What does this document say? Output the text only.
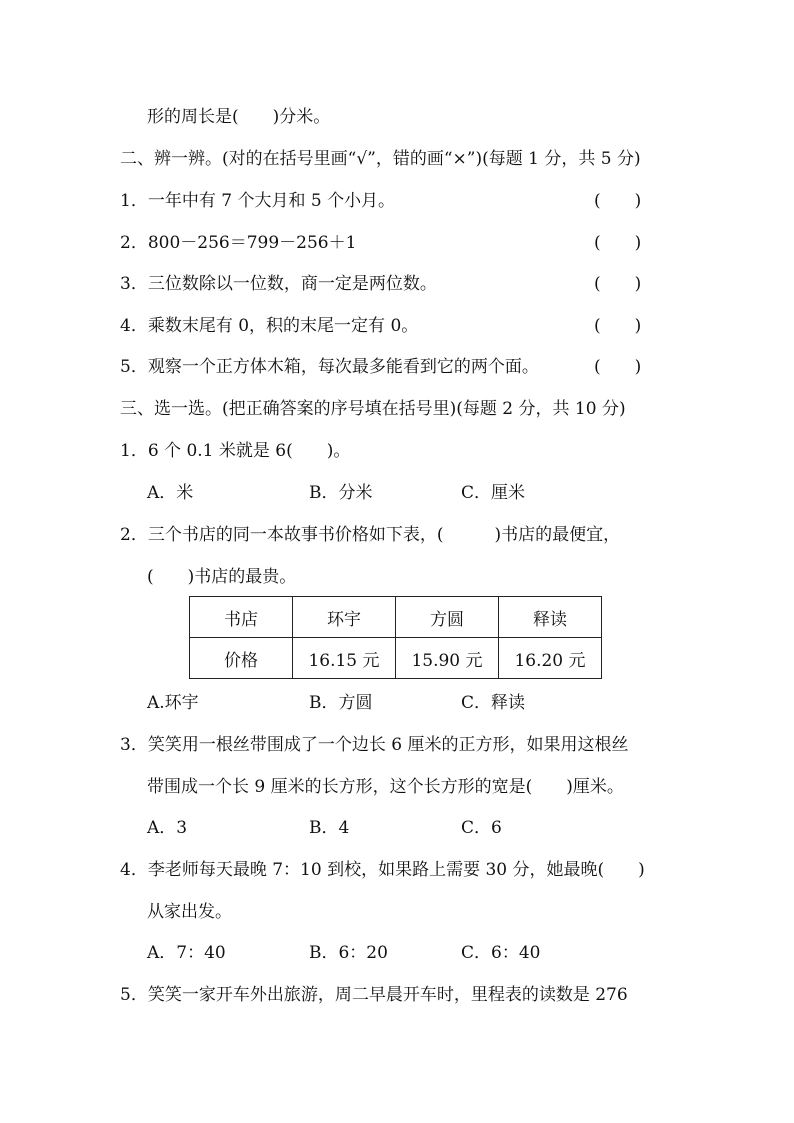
形的周长是(　　)分米。
二、辨一辨。(对的在括号里画“√”，错的画“×”)(每题 1 分，共 5 分)
1．一年中有 7 个大月和 5 个小月。	(　　)
2．800－256＝799－256＋1	(　　)
3．三位数除以一位数，商一定是两位数。	(　　)
4．乘数末尾有 0，积的末尾一定有 0。	(　　)
5．观察一个正方体木箱，每次最多能看到它的两个面。	(　　)
三、选一选。(把正确答案的序号填在括号里)(每题 2 分，共 10 分)
1．6 个 0.1 米就是 6(　　)。
A．米	B．分米	C．厘米
2．三个书店的同一本故事书价格如下表，(　　　)书店的最便宜，
(　　)书店的最贵。
书店	环宇	方圆	释读
价格	16.15 元	15.90 元	16.20 元
A.环宇	B．方圆	C．释读
3．笑笑用一根丝带围成了一个边长 6 厘米的正方形，如果用这根丝
带围成一个长 9 厘米的长方形，这个长方形的宽是(　　)厘米。
A．3	B．4	C．6
4．李老师每天最晚 7：10 到校，如果路上需要 30 分，她最晚(　　)
从家出发。
A．7：40	B．6：20	C．6：40
5．笑笑一家开车外出旅游，周二早晨开车时，里程表的读数是 276
